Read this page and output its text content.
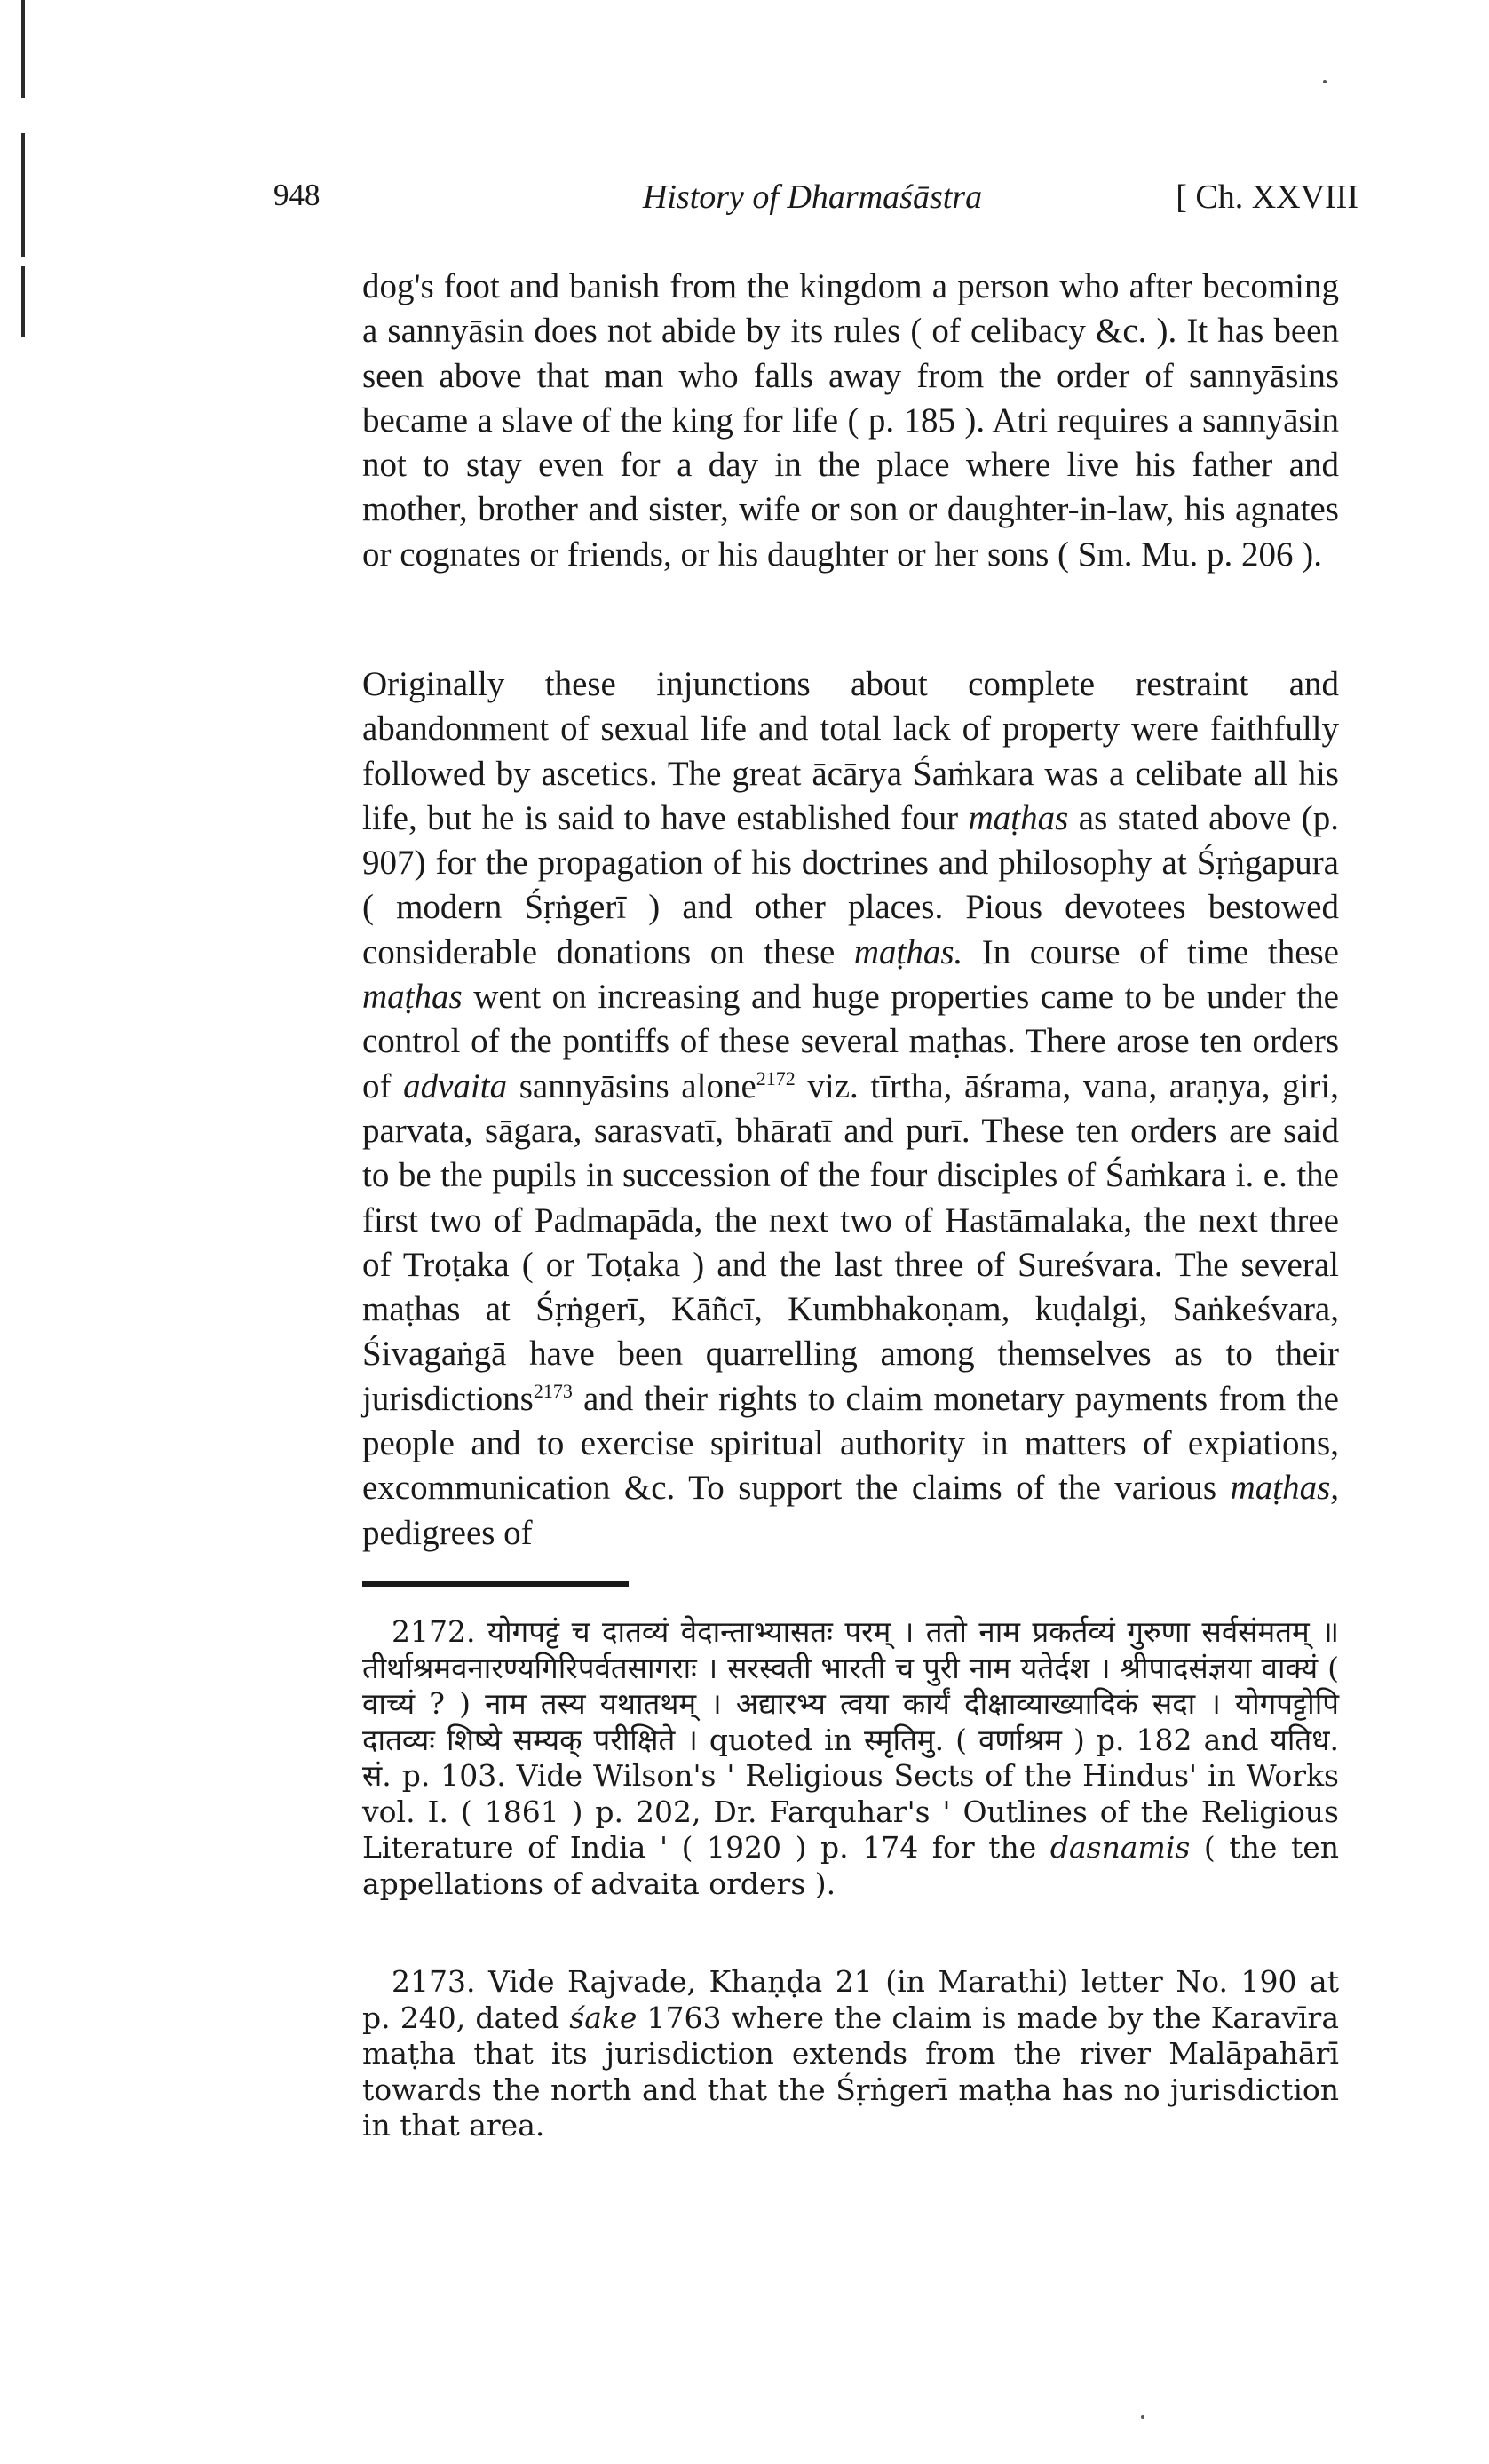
948	History of Dharmaśāstra	[ Ch. XXVIII

dog's foot and banish from the kingdom a person who after becoming a sannyāsin does not abide by its rules ( of celibacy &c. ). It has been seen above that man who falls away from the order of sannyāsins became a slave of the king for life ( p. 185 ). Atri requires a sannyāsin not to stay even for a day in the place where live his father and mother, brother and sister, wife or son or daughter-in-law, his agnates or cognates or friends, or his daughter or her sons ( Sm. Mu. p. 206 ).

Originally these injunctions about complete restraint and abandonment of sexual life and total lack of property were faithfully followed by ascetics. The great ācārya Śaṁkara was a celibate all his life, but he is said to have established four maṭhas as stated above (p. 907) for the propagation of his doctrines and philosophy at Śṛṅgapura ( modern Śṛṅgerī ) and other places. Pious devotees bestowed considerable donations on these maṭhas. In course of time these maṭhas went on increasing and huge properties came to be under the control of the pontiffs of these several maṭhas. There arose ten orders of advaita sannyāsins alone$^{2172}$ viz. tīrtha, āśrama, vana, araṇya, giri, parvata, sāgara, sarasvatī, bhāratī and purī. These ten orders are said to be the pupils in succession of the four disciples of Śaṁkara i. e. the first two of Padmapāda, the next two of Hastāmalaka, the next three of Troṭaka ( or Toṭaka ) and the last three of Sureśvara. The several maṭhas at Śṛṅgerī, Kāñcī, Kumbhakoṇam, kuḍalgi, Saṅkeśvara, Śivagaṅgā have been quarrelling among themselves as to their jurisdictions$^{2173}$ and their rights to claim monetary payments from the people and to exercise spiritual authority in matters of expiations, excommunication &c. To support the claims of the various maṭhas, pedigrees of

 2172. योगपट्टं च दातव्यं वेदान्ताभ्यासतः परम् । ततो नाम प्रकर्तव्यं गुरुणा सर्वसंमतम् ॥ तीर्थाश्रमवनारण्यगिरिपर्वतसागराः । सरस्वती भारती च पुरी नाम यतेर्दश । श्रीपादसंज्ञया वाक्यं ( वाच्यं ? ) नाम तस्य यथातथम् । अद्यारभ्य त्वया कार्यं दीक्षाव्याख्यादिकं सदा । योगपट्टोपि दातव्यः शिष्ये सम्यक् परीक्षिते । quoted in स्मृतिमु. ( वर्णाश्रम ) p. 182 and यतिध. सं. p. 103. Vide Wilson's ' Religious Sects of the Hindus' in Works vol. I. ( 1861 ) p. 202, Dr. Farquhar's ' Outlines of the Religious Literature of India ' ( 1920 ) p. 174 for the dasnamis ( the ten appellations of advaita orders ).

 2173. Vide Rajvade, Khaṇḍa 21 (in Marathi) letter No. 190 at p. 240, dated śake 1763 where the claim is made by the Karavīra maṭha that its jurisdiction extends from the river Malāpahārī towards the north and that the Śṛṅgerī maṭha has no jurisdiction in that area.
